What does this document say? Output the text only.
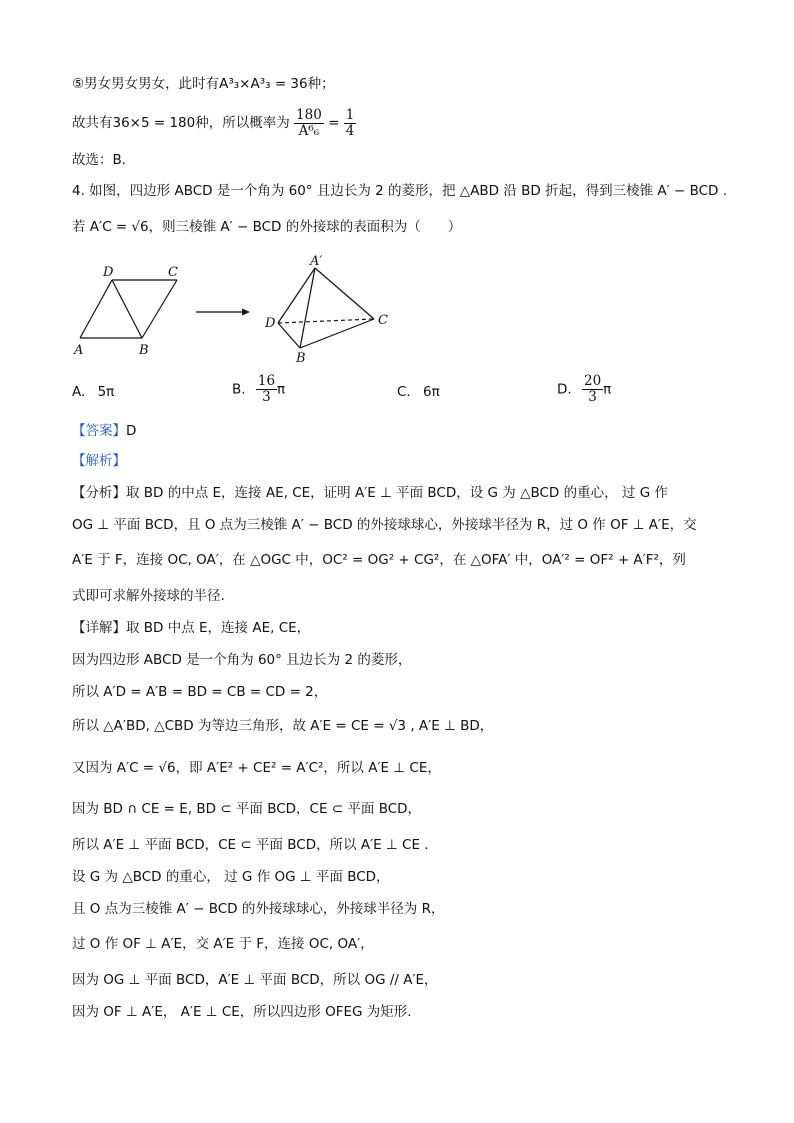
⑤男女男女男女，此时有A³₃×A³₃ = 36种；
故共有36×5 = 180种，所以概率为 $\frac{180}{\text{A⁶₆}} = \frac{1}{4}$
故选：B．
4. 如图，四边形 ABCD 是一个角为 60° 且边长为 2 的菱形，把 △ABD 沿 BD 折起，得到三棱锥 A′ − BCD .
若 A′C = √6，则三棱锥 A′ − BCD 的外接球的表面积为（　　）
D	C
A	B
A′
D	C
B
A. 5π	B. $\frac{16}{3}$ π	C. 6π	D. $\frac{20}{3}$ π
【答案】D
【解析】
【分析】取 BD 的中点 E，连接 AE, CE，证明 A′E ⊥ 平面 BCD，设 G 为 △BCD 的重心， 过 G 作
OG ⊥ 平面 BCD，且 O 点为三棱锥 A′ − BCD 的外接球球心，外接球半径为 R，过 O 作 OF ⊥ A′E，交
A′E 于 F，连接 OC, OA′，在 △OGC 中，OC² = OG² + CG²，在 △OFA′ 中，OA′² = OF² + A′F²，列
式即可求解外接球的半径.
【详解】取 BD 中点 E，连接 AE, CE，
因为四边形 ABCD 是一个角为 60° 且边长为 2 的菱形，
所以 A′D = A′B = BD = CB = CD = 2，
所以 △A′BD, △CBD 为等边三角形，故 A′E = CE = √3 , A′E ⊥ BD，
又因为 A′C = √6，即 A′E² + CE² = A′C²，所以 A′E ⊥ CE，
因为 BD ∩ CE = E, BD ⊂ 平面 BCD，CE ⊂ 平面 BCD，
所以 A′E ⊥ 平面 BCD，CE ⊂ 平面 BCD，所以 A′E ⊥ CE .
设 G 为 △BCD 的重心， 过 G 作 OG ⊥ 平面 BCD，
且 O 点为三棱锥 A′ − BCD 的外接球球心，外接球半径为 R，
过 O 作 OF ⊥ A′E，交 A′E 于 F，连接 OC, OA′，
因为 OG ⊥ 平面 BCD，A′E ⊥ 平面 BCD，所以 OG // A′E，
因为 OF ⊥ A′E， A′E ⊥ CE，所以四边形 OFEG 为矩形.
